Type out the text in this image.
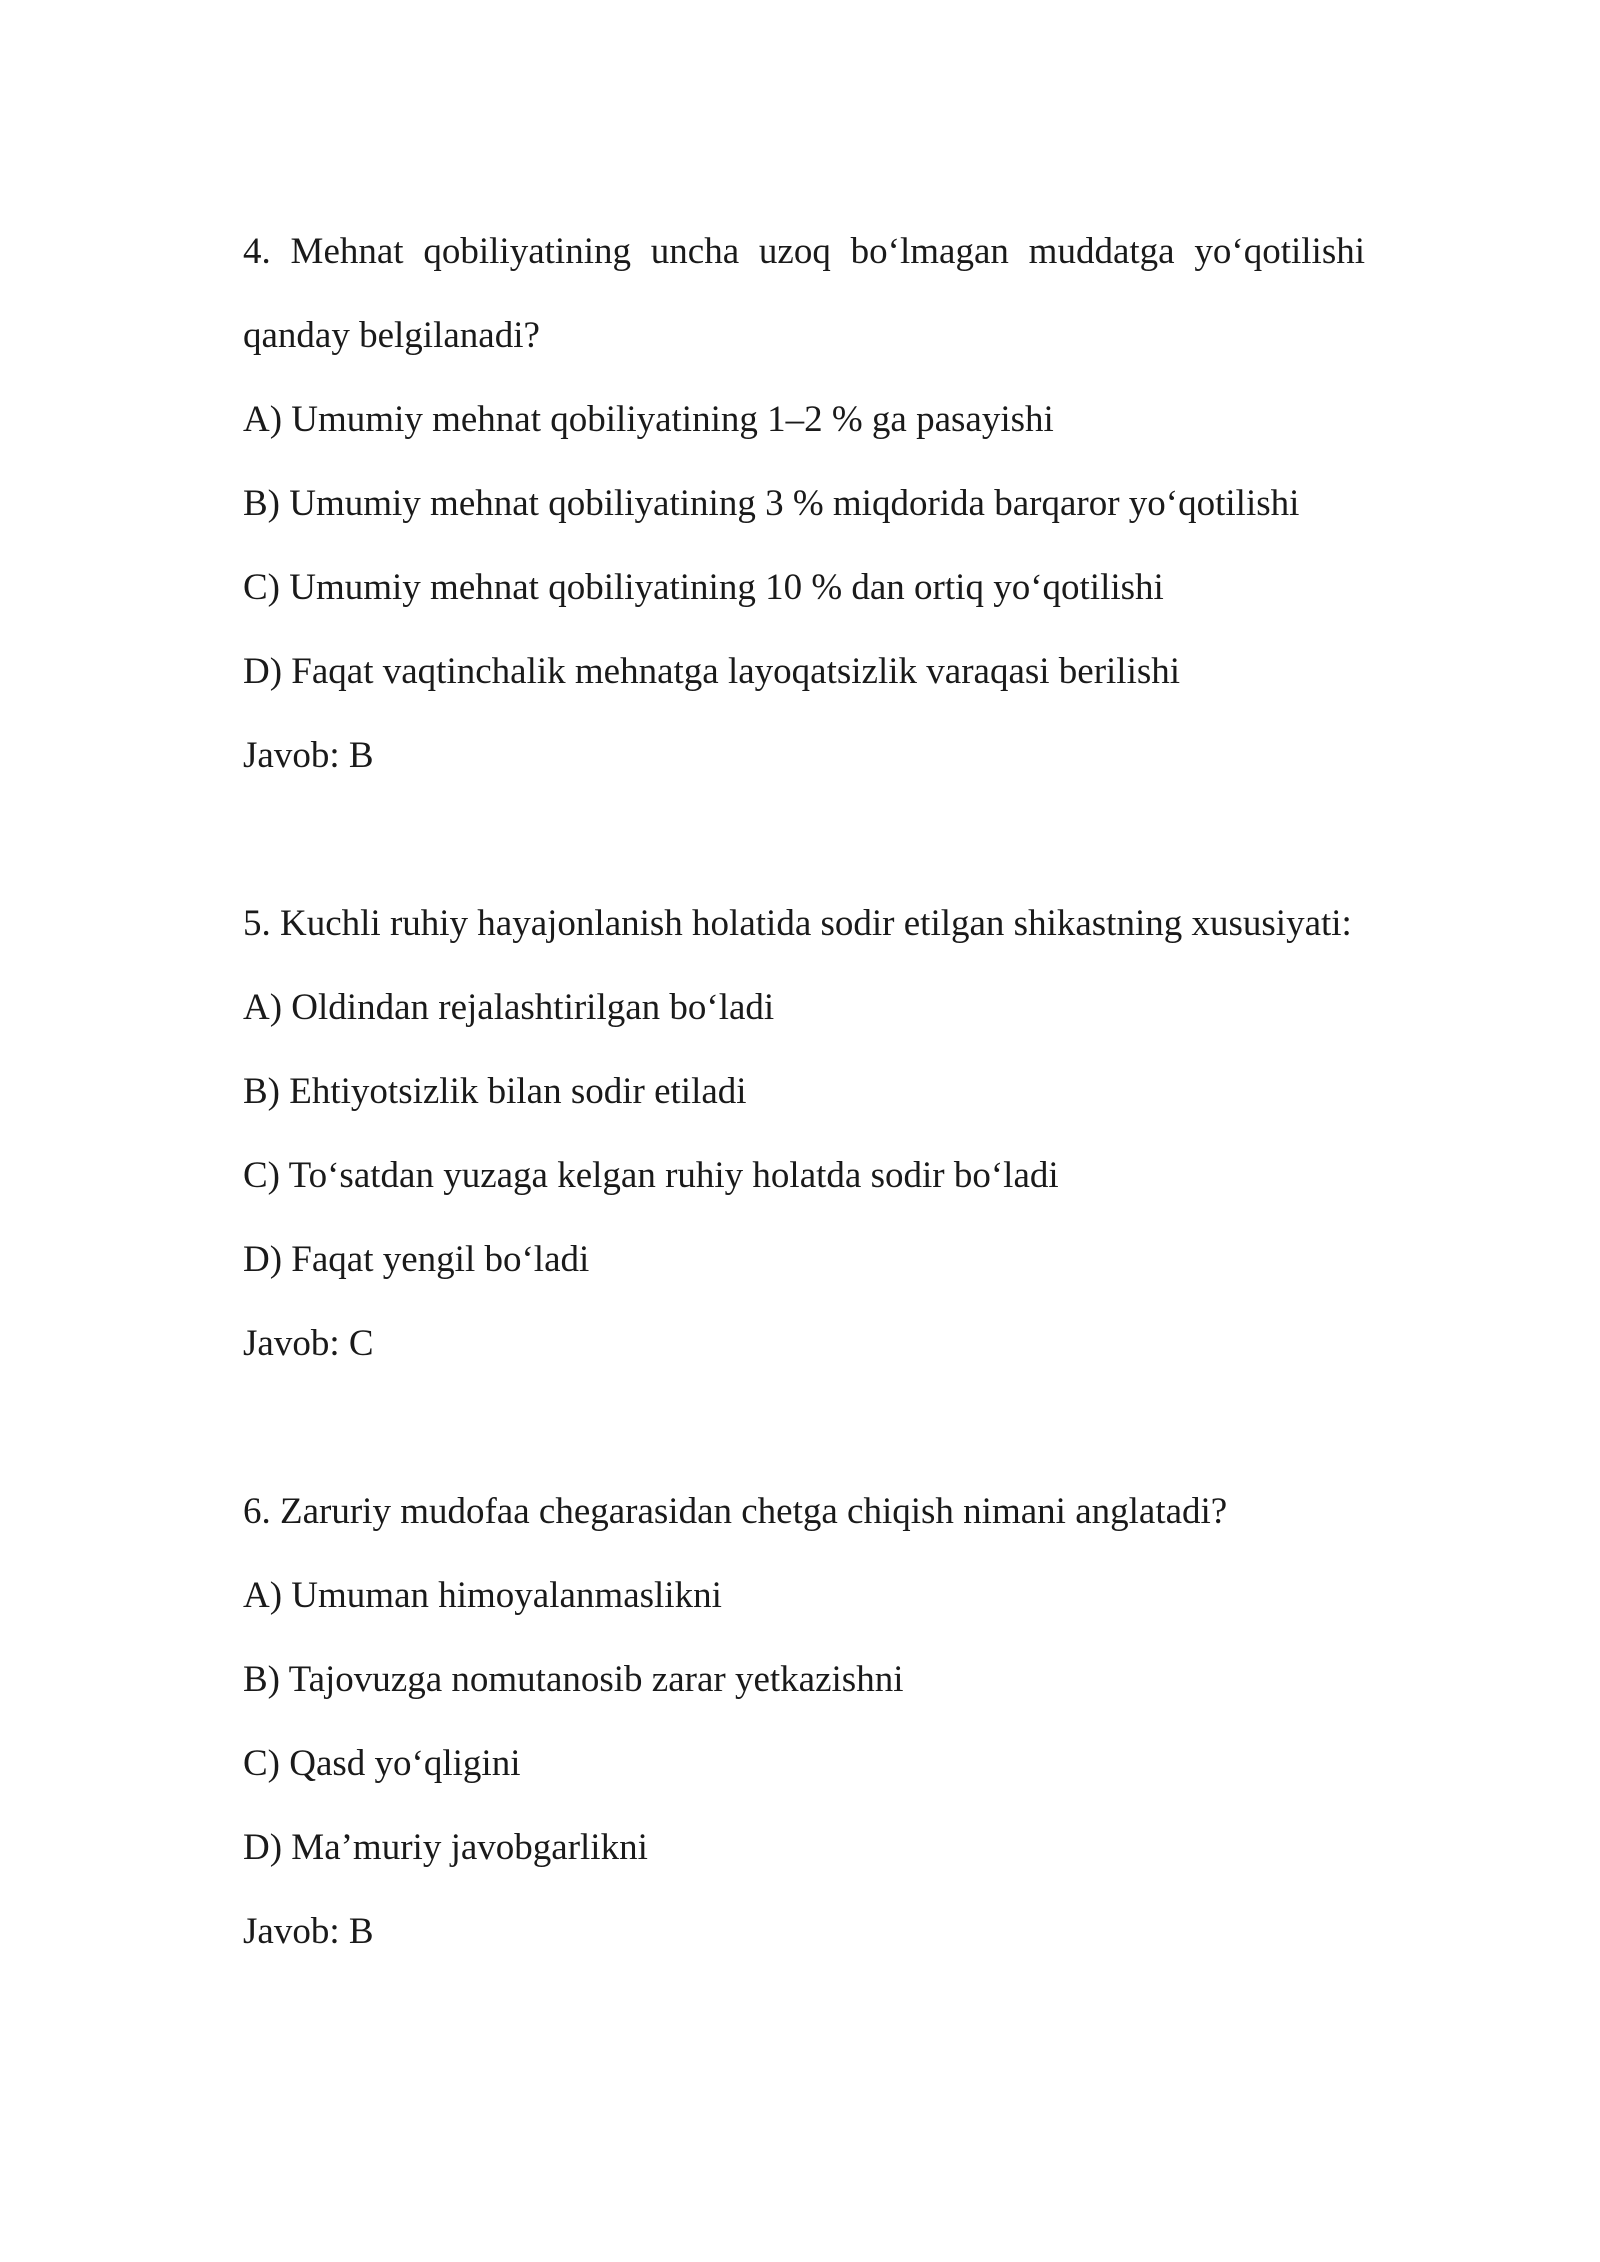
4. Mehnat qobiliyatining uncha uzoq bo‘lmagan muddatga yo‘qotilishi qanday belgilanadi?

A) Umumiy mehnat qobiliyatining 1–2 % ga pasayishi

B) Umumiy mehnat qobiliyatining 3 % miqdorida barqaror yo‘qotilishi

C) Umumiy mehnat qobiliyatining 10 % dan ortiq yo‘qotilishi

D) Faqat vaqtinchalik mehnatga layoqatsizlik varaqasi berilishi

Javob: B

5. Kuchli ruhiy hayajonlanish holatida sodir etilgan shikastning xususiyati:

A) Oldindan rejalashtirilgan bo‘ladi

B) Ehtiyotsizlik bilan sodir etiladi

C) To‘satdan yuzaga kelgan ruhiy holatda sodir bo‘ladi

D) Faqat yengil bo‘ladi

Javob: C

6. Zaruriy mudofaa chegarasidan chetga chiqish nimani anglatadi?

A) Umuman himoyalanmaslikni

B) Tajovuzga nomutanosib zarar yetkazishni

C) Qasd yo‘qligini

D) Ma’muriy javobgarlikni

Javob: B
